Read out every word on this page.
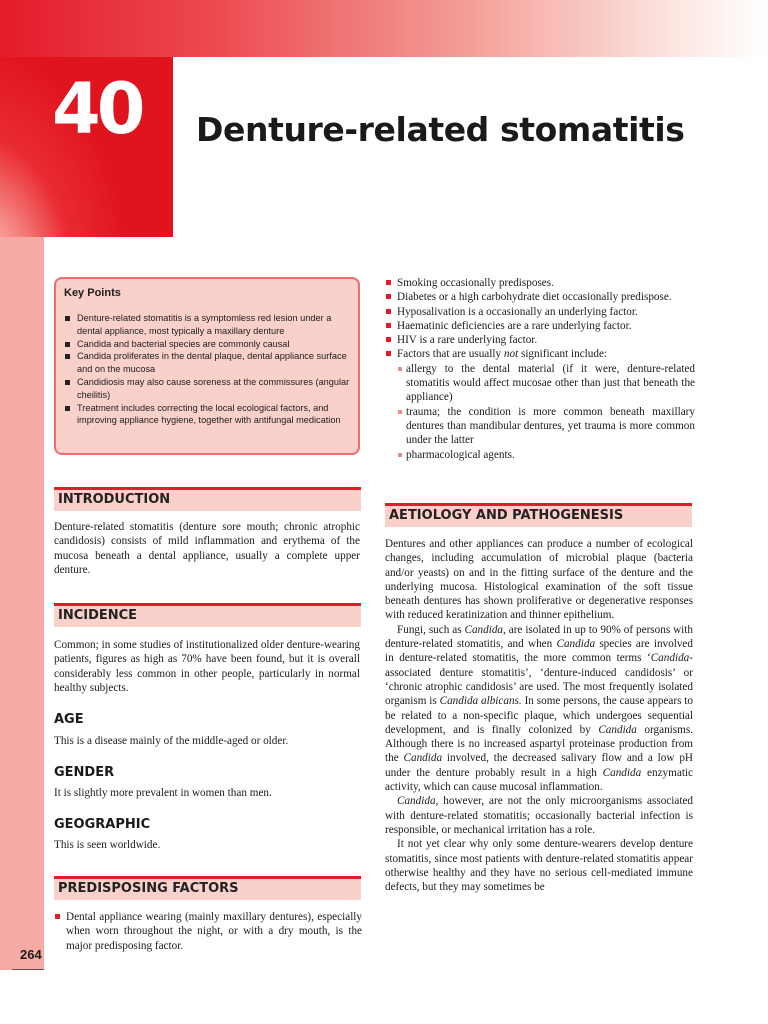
40 Denture-related stomatitis
Key Points
Denture-related stomatitis is a symptomless red lesion under a dental appliance, most typically a maxillary denture
Candida and bacterial species are commonly causal
Candida proliferates in the dental plaque, dental appliance surface and on the mucosa
Candidiosis may also cause soreness at the commissures (angular cheilitis)
Treatment includes correcting the local ecological factors, and improving appliance hygiene, together with antifungal medication
INTRODUCTION

Denture-related stomatitis (denture sore mouth; chronic atrophic candidosis) consists of mild inflammation and erythema of the mucosa beneath a dental appliance, usually a complete upper denture.

INCIDENCE

Common; in some studies of institutionalized older denture-wearing patients, figures as high as 70% have been found, but it is overall considerably less common in other people, particularly in normal healthy subjects.

AGE

This is a disease mainly of the middle-aged or older.

GENDER

It is slightly more prevalent in women than men.

GEOGRAPHIC

This is seen worldwide.

PREDISPOSING FACTORS
Dental appliance wearing (mainly maxillary dentures), especially when worn throughout the night, or with a dry mouth, is the major predisposing factor.
Smoking occasionally predisposes.
Diabetes or a high carbohydrate diet occasionally predispose.
Hyposalivation is a occasionally an underlying factor.
Haematinic deficiencies are a rare underlying factor.
HIV is a rare underlying factor.
Factors that are usually not significant include:
allergy to the dental material (if it were, denture-related stomatitis would affect mucosae other than just that beneath the appliance)
trauma; the condition is more common beneath maxillary dentures than mandibular dentures, yet trauma is more common under the latter
pharmacological agents.
AETIOLOGY AND PATHOGENESIS

Dentures and other appliances can produce a number of ecological changes, including accumulation of microbial plaque (bacteria and/or yeasts) on and in the fitting surface of the denture and the underlying mucosa. Histological examination of the soft tissue beneath dentures has shown proliferative or degenerative responses with reduced keratinization and thinner epithelium.

Fungi, such as Candida, are isolated in up to 90% of persons with denture-related stomatitis, and when Candida species are involved in denture-related stomatitis, the more common terms ‘Candida-associated denture stomatitis’, ‘denture-induced candidosis’ or ‘chronic atrophic candidosis’ are used. The most frequently isolated organism is Candida albicans. In some persons, the cause appears to be related to a non-specific plaque, which undergoes sequential development, and is finally colonized by Candida organisms. Although there is no increased aspartyl proteinase production from the Candida involved, the decreased salivary flow and a low pH under the denture probably result in a high Candida enzymatic activity, which can cause mucosal inflammation.

Candida, however, are not the only microorganisms associated with denture-related stomatitis; occasionally bacterial infection is responsible, or mechanical irritation has a role.

It not yet clear why only some denture-wearers develop denture stomatitis, since most patients with denture-related stomatitis appear otherwise healthy and they have no serious cell-mediated immune defects, but they may sometimes be

264
